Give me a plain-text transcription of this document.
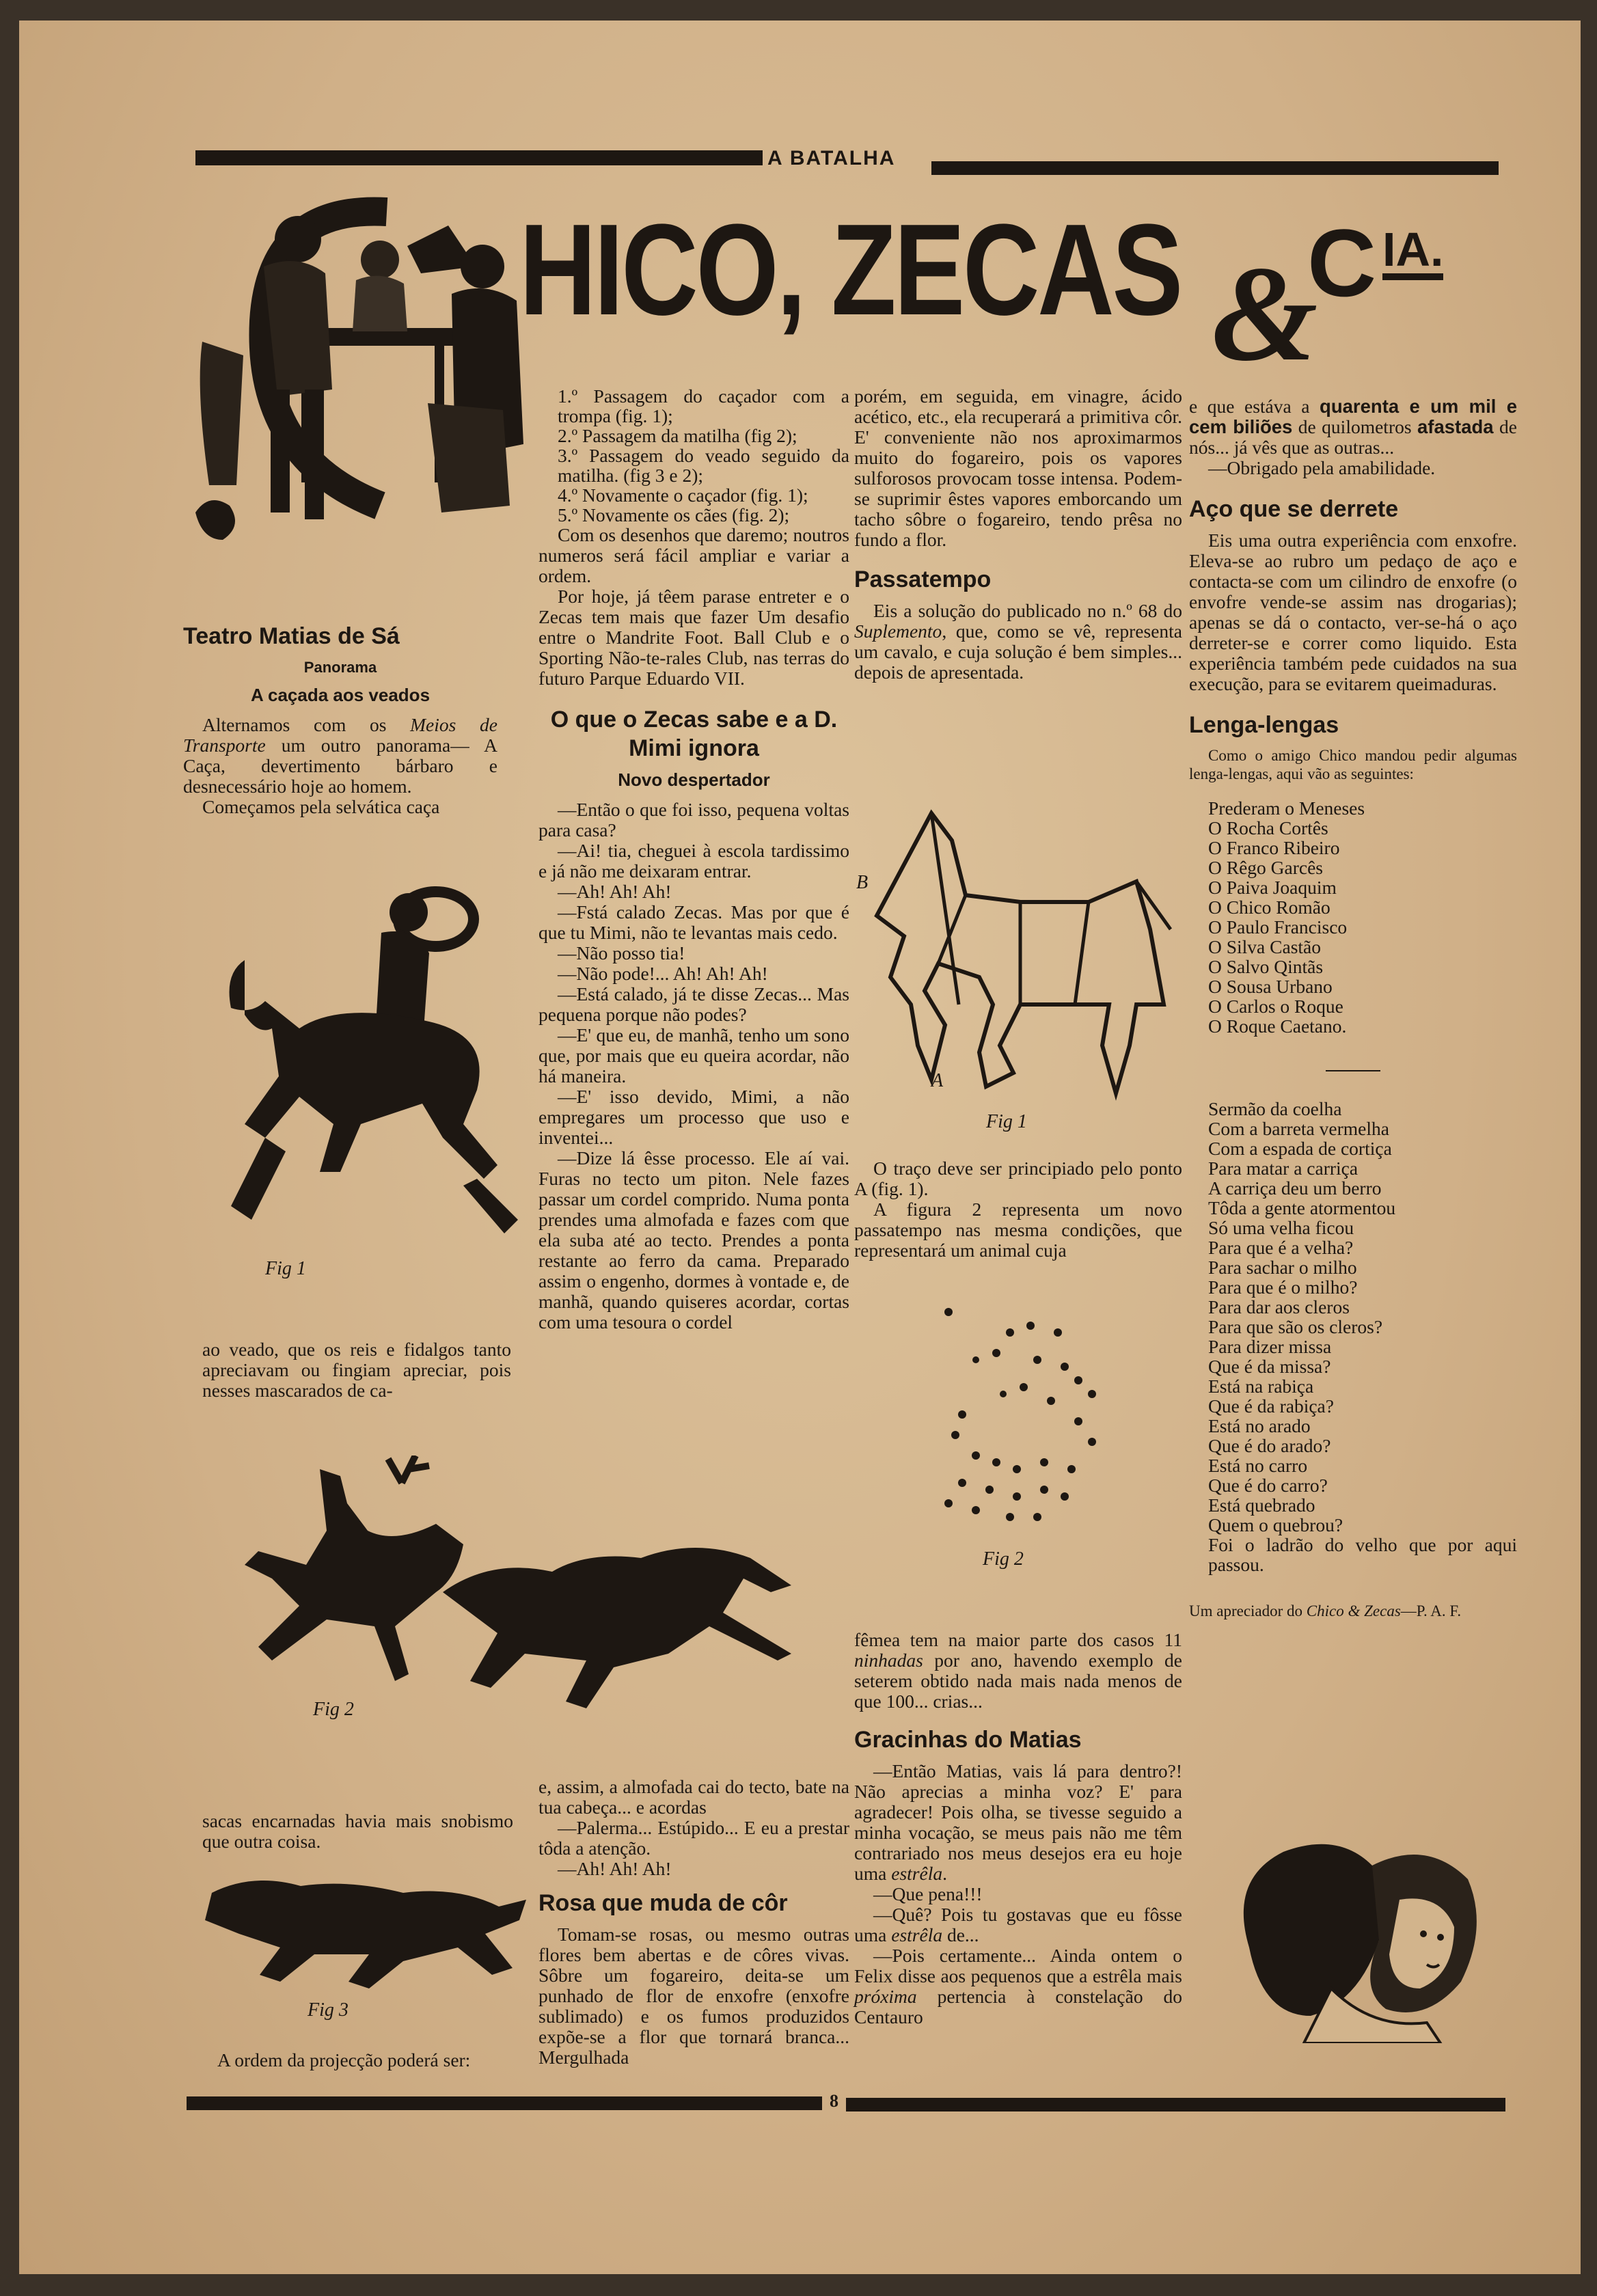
A BATALHA
HICO, ZECAS &
C IA.
Teatro Matias de Sá
Panorama
A caçada aos veados

Alternamos com os Meios de Transporte um outro panorama— A Caça, devertimento bárbaro e desnecessário hoje ao homem.

Começamos pela selvática caça

Fig 1

ao veado, que os reis e fidalgos tanto apreciavam ou fingiam apreciar, pois nesses mascarados de ca-

Fig 2

sacas encarnadas havia mais snobismo que outra coisa.

Fig 3

A ordem da projecção poderá ser:

1.º Passagem do caçador com a trompa (fig. 1);
2.º Passagem da matilha (fig 2);
3.º Passagem do veado seguido da matilha. (fig 3 e 2);
4.º Novamente o caçador (fig. 1);
5.º Novamente os cães (fig. 2);

Com os desenhos que daremo; noutros numeros será fácil ampliar e variar a ordem.

Por hoje, já têem parase entreter e o Zecas tem mais que fazer Um desafio entre o Mandrite Foot. Ball Club e o Sporting Não-te-rales Club, nas terras do futuro Parque Eduardo VII.

O que o Zecas sabe e a D. Mimi ignora
Novo despertador

—Então o que foi isso, pequena voltas para casa?

—Ai! tia, cheguei à escola tardissimo e já não me deixaram entrar.

—Ah! Ah! Ah!

—Fstá calado Zecas. Mas por que é que tu Mimi, não te levantas mais cedo.

—Não posso tia!

—Não pode!... Ah! Ah! Ah!

—Está calado, já te disse Zecas... Mas pequena porque não podes?

—E' que eu, de manhã, tenho um sono que, por mais que eu queira acordar, não há maneira.

—E' isso devido, Mimi, a não empregares um processo que uso e inventei...

—Dize lá êsse processo. Ele aí vai. Furas no tecto um piton. Nele fazes passar um cordel comprido. Numa ponta prendes uma almofada e fazes com que ela suba até ao tecto. Prendes a ponta restante ao ferro da cama. Preparado assim o engenho, dormes à vontade e, de manhã, quando quiseres acordar, cortas com uma tesoura o cordel

e, assim, a almofada cai do tecto, bate na tua cabeça... e acordas

—Palerma... Estúpido... E eu a prestar tôda a atenção.

—Ah! Ah! Ah!

Rosa que muda de côr

Tomam-se rosas, ou mesmo outras flores bem abertas e de côres vivas. Sôbre um fogareiro, deita-se um punhado de flor de enxofre (enxofre sublimado) e os fumos produzidos expõe-se a flor que tornará branca... Mergulhada

porém, em seguida, em vinagre, ácido acético, etc., ela recuperará a primitiva côr. E' conveniente não nos aproximarmos muito do fogareiro, pois os vapores sulforosos provocam tosse intensa. Podem-se suprimir êstes vapores emborcando um tacho sôbre o fogareiro, tendo prêsa no fundo a flor.

Passatempo

Eis a solução do publicado no n.º 68 do Suplemento, que, como se vê, representa um cavalo, e cuja solução é bem simples... depois de apresentada.

B
A
Fig 1

O traço deve ser principiado pelo ponto A (fig. 1).

A figura 2 representa um novo passatempo nas mesma condições, que representará um animal cuja

Fig 2

fêmea tem na maior parte dos casos 11 ninhadas por ano, havendo exemplo de seterem obtido nada mais nada menos de que 100... crias...

Gracinhas do Matias

—Então Matias, vais lá para dentro?! Não aprecias a minha voz? E' para agradecer! Pois olha, se tivesse seguido a minha vocação, se meus pais não me têm contrariado nos meus desejos era eu hoje uma estrêla.

—Que pena!!!

—Quê? Pois tu gostavas que eu fôsse uma estrêla de...

—Pois certamente... Ainda ontem o Felix disse aos pequenos que a estrêla mais próxima pertencia à constelação do Centauro

e que estáva a quarenta e um mil e cem biliões de quilometros afastada de nós... já vês que as outras...

—Obrigado pela amabilidade.

Aço que se derrete

Eis uma outra experiência com enxofre. Eleva-se ao rubro um pedaço de aço e contacta-se com um cilindro de enxofre (o envofre vende-se assim nas drogarias); apenas se dá o contacto, ver-se-há o aço derreter-se e correr como liquido. Esta experiência também pede cuidados na sua execução, para se evitarem queimaduras.

Lenga-lengas

Como o amigo Chico mandou pedir algumas lenga-lengas, aqui vão as seguintes:

Prederam o Meneses
O Rocha Cortês
O Franco Ribeiro
O Rêgo Garcês
O Paiva Joaquim
O Chico Romão
O Paulo Francisco
O Silva Castão
O Salvo Qintãs
O Sousa Urbano
O Carlos o Roque
O Roque Caetano.
Sermão da coelha
Com a barreta vermelha
Com a espada de cortiça
Para matar a carriça
A carriça deu um berro
Tôda a gente atormentou
Só uma velha ficou
Para que é a velha?
Para sachar o milho
Para que é o milho?
Para dar aos cleros
Para que são os cleros?
Para dizer missa
Que é da missa?
Está na rabiça
Que é da rabiça?
Está no arado
Que é do arado?
Está no carro
Que é do carro?
Está quebrado
Quem o quebrou?
Foi o ladrão do velho que por aqui passou.

Um apreciador do Chico & Zecas—P. A. F.

8
